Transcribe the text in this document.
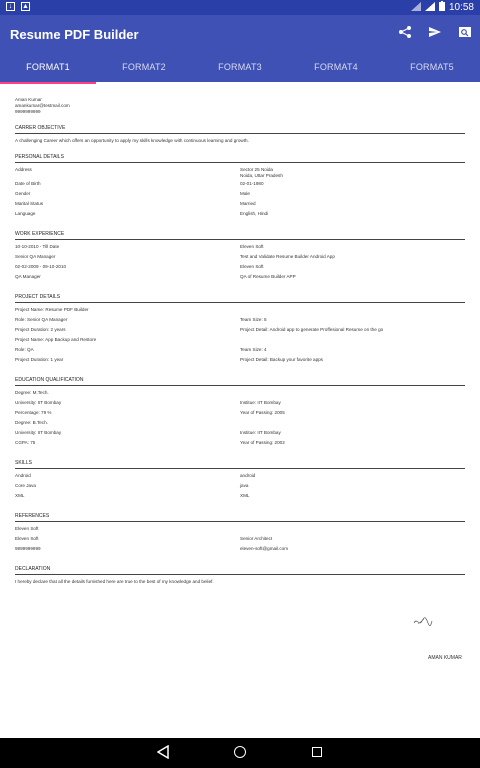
↓	▲	10:58
Resume PDF Builder
FORMAT1	FORMAT2	FORMAT3	FORMAT4	FORMAT5
Aman Kumar
amankumar@testmail.com
9999999999
CARRER OBJECTIVE
A challenging Career which offers an opportunity to apply my skills knowledge with continuous learning and growth.
PERSONAL DETAILS
Address	Sector 25 Noida
Noida, Uttar Pradesh
Date of Birth	02-01-1980
Gender	Male
Marital Status	Married
Language	English, Hindi
WORK EXPERIENCE
10-10-2010 - Till Date	Eleven Soft
Senior QA Manager	Test and Validate Resume Builder Android App
02-02-2009 - 09-10-2010	Eleven Soft
QA Manager	QA of Resume Builder APP
PROJECT DETAILS
Project Name: Resume PDF Builder
Role: Senior QA Manager	Team Size: 5
Project Duration: 2 years	Project Detail: Android app to generate Proffesional Resume on the go
Project Name: App Backup and Restore
Role: QA	Team Size: 4
Project Duration: 1 year	Project Detail: Backup your favorite apps
EDUCATION QUALIFICATION
Degree: M.Tech.
University: IIT Bombay	Institue: IIT Bombay
Percentage: 79 %	Year of Passing: 2005
Degree: B.Tech.
University: IIT Bombay	Institue: IIT Bombay
CGPA: 75	Year of Passing: 2002
SKILLS
Android	android
Core Java	java
XML	XML
REFERENCES
Eleven Soft
Eleven Soft	Senior Architect
9899999999	eleven-soft@gmail.com
DECLARATION
I hereby declare that all the details furnished here are true to the best of my knowledge and belief.
AMAN KUMAR
